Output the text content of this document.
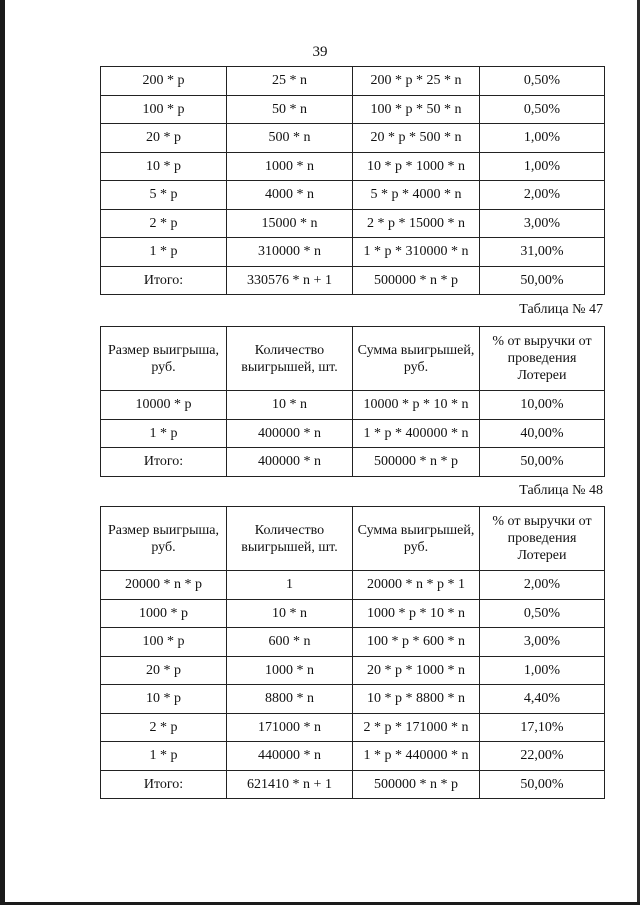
39
200 * p	25 * n	200 * p * 25 * n	0,50%
100 * p	50 * n	100 * p * 50 * n	0,50%
20 * p	500 * n	20 * p * 500 * n	1,00%
10 * p	1000 * n	10 * p * 1000 * n	1,00%
5 * p	4000 * n	5 * p * 4000 * n	2,00%
2 * p	15000 * n	2 * p * 15000 * n	3,00%
1 * p	310000 * n	1 * p * 310000 * n	31,00%
Итого:	330576 * n + 1	500000 * n * p	50,00%
Таблица № 47
Размер выигрыша, руб.	Количество выигрышей, шт.	Сумма выигрышей, руб.	% от выручки от проведения Лотереи
10000 * p	10 * n	10000 * p * 10 * n	10,00%
1 * p	400000 * n	1 * p * 400000 * n	40,00%
Итого:	400000 * n	500000 * n * p	50,00%
Таблица № 48
Размер выигрыша, руб.	Количество выигрышей, шт.	Сумма выигрышей, руб.	% от выручки от проведения Лотереи
20000 * n * p	1	20000 * n * p * 1	2,00%
1000 * p	10 * n	1000 * p * 10 * n	0,50%
100 * p	600 * n	100 * p * 600 * n	3,00%
20 * p	1000 * n	20 * p * 1000 * n	1,00%
10 * p	8800 * n	10 * p * 8800 * n	4,40%
2 * p	171000 * n	2 * p * 171000 * n	17,10%
1 * p	440000 * n	1 * p * 440000 * n	22,00%
Итого:	621410 * n + 1	500000 * n * p	50,00%
